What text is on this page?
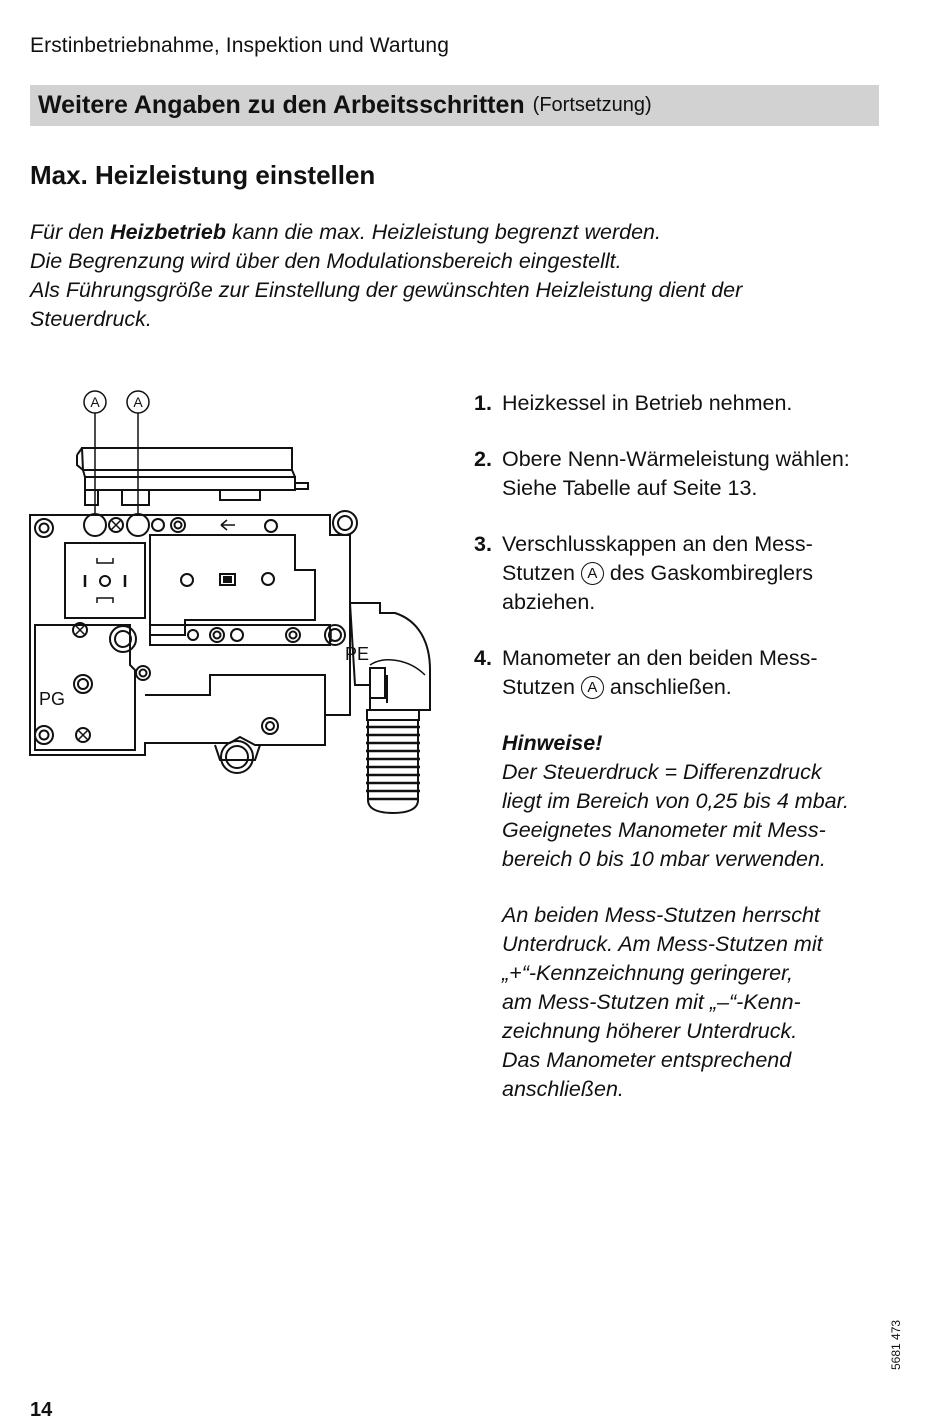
Erstinbetriebnahme, Inspektion und Wartung
Weitere Angaben zu den Arbeitsschritten (Fortsetzung)
Max. Heizleistung einstellen
Für den Heizbetrieb kann die max. Heizleistung begrenzt werden.
Die Begrenzung wird über den Modulationsbereich eingestellt.
Als Führungsgröße zur Einstellung der gewünschten Heizleistung dient der
Steuerdruck.
A A
PE
PG
1. Heizkessel in Betrieb nehmen.
2. Obere Nenn-Wärmeleistung wählen:
Siehe Tabelle auf Seite 13.
3. Verschlusskappen an den Mess-
Stutzen A des Gaskombireglers
abziehen.
4. Manometer an den beiden Mess-
Stutzen A anschließen.
Hinweise!

Der Steuerdruck = Differenzdruck
liegt im Bereich von 0,25 bis 4 mbar.
Geeignetes Manometer mit Mess-
bereich 0 bis 10 mbar verwenden.

An beiden Mess-Stutzen herrscht
Unterdruck. Am Mess-Stutzen mit
„+“-Kennzeichnung geringerer,
am Mess-Stutzen mit „–“-Kenn-
zeichnung höherer Unterdruck.
Das Manometer entsprechend
anschließen.

5681 473
14
